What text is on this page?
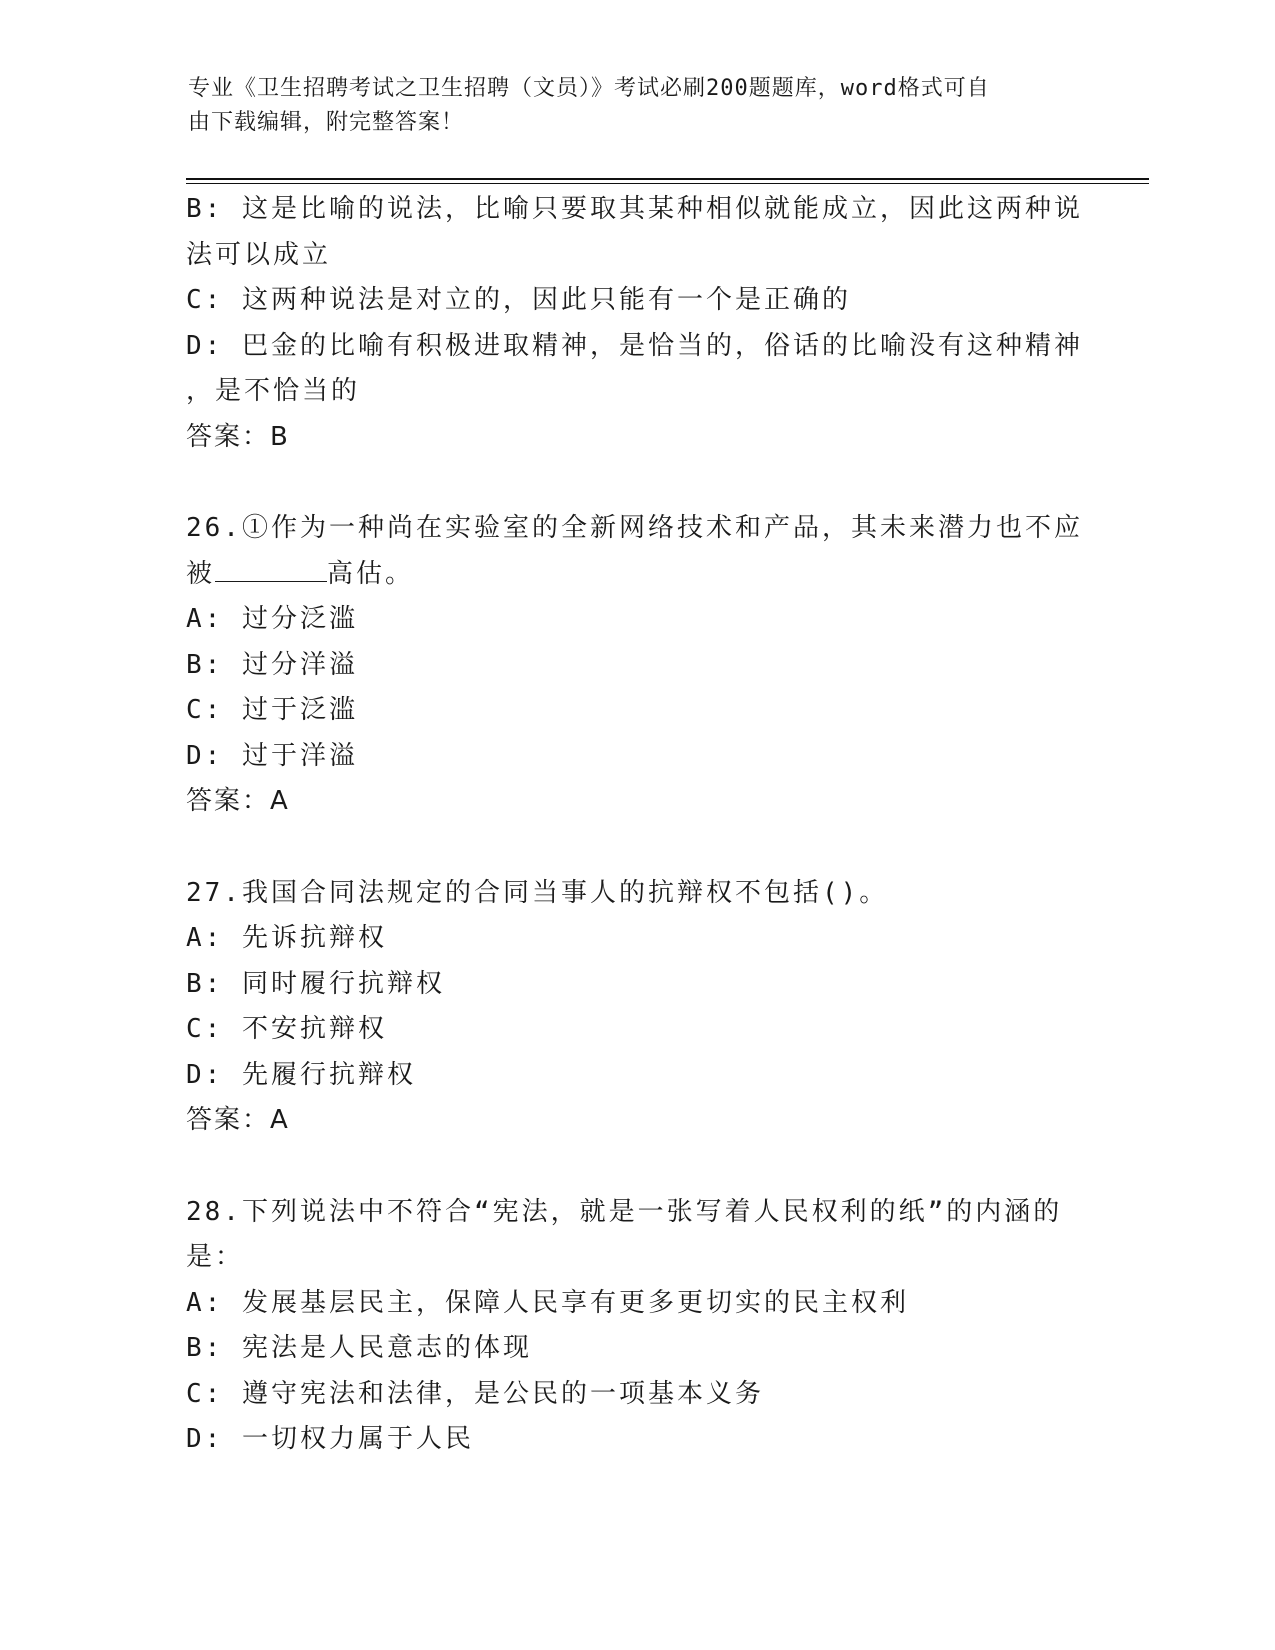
专业《卫生招聘考试之卫生招聘（文员）》考试必刷200题题库，word格式可自
由下载编辑，附完整答案！
B: 这是比喻的说法，比喻只要取其某种相似就能成立，因此这两种说
法可以成立
C: 这两种说法是对立的，因此只能有一个是正确的
D: 巴金的比喻有积极进取精神，是恰当的，俗话的比喻没有这种精神
，是不恰当的
答案：B
26.①作为一种尚在实验室的全新网络技术和产品，其未来潜力也不应
被	高估。
A: 过分泛滥
B: 过分洋溢
C: 过于泛滥
D: 过于洋溢
答案：A
27.我国合同法规定的合同当事人的抗辩权不包括()。
A: 先诉抗辩权
B: 同时履行抗辩权
C: 不安抗辩权
D: 先履行抗辩权
答案：A
28.下列说法中不符合“宪法，就是一张写着人民权利的纸”的内涵的
是：
A: 发展基层民主，保障人民享有更多更切实的民主权利
B: 宪法是人民意志的体现
C: 遵守宪法和法律，是公民的一项基本义务
D: 一切权力属于人民
